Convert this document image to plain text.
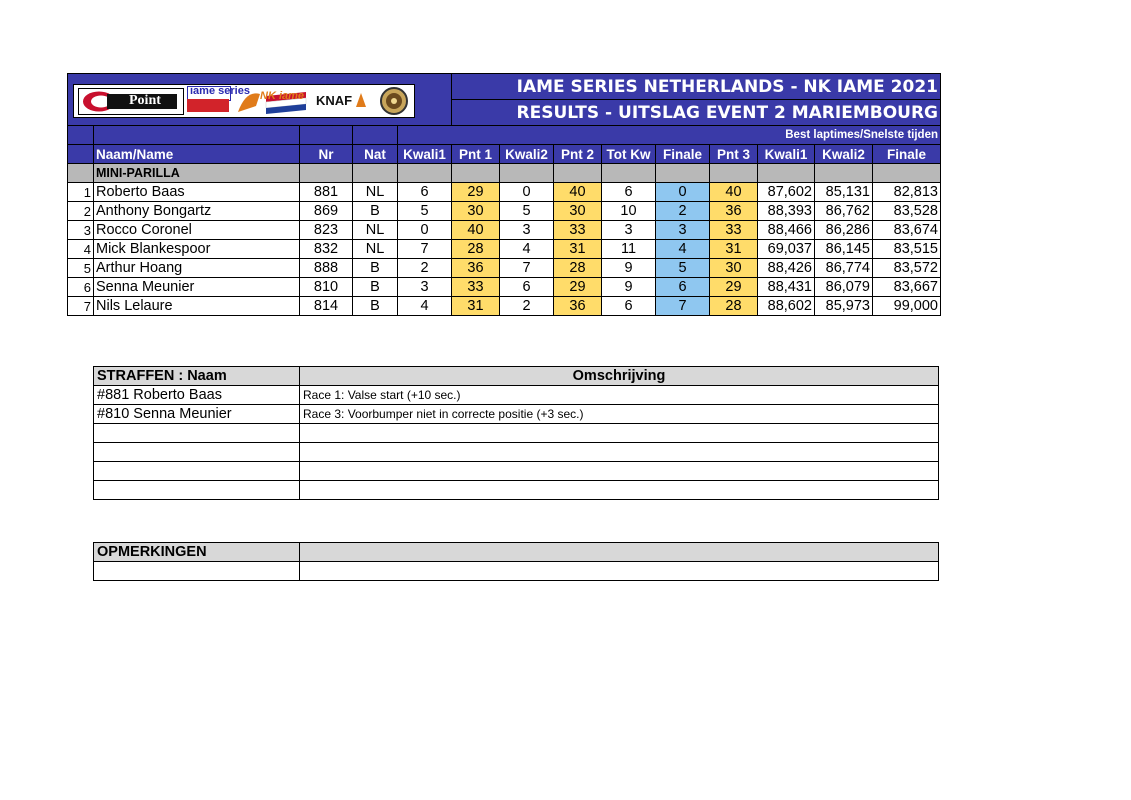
					IAME SERIES NETHERLANDS - NK IAME 2021								
					RESULTS - UITSLAG EVENT 2 MARIEMBOURG								
				Best laptimes/Snelste tijden									
	Naam/Name	Nr	Nat	Kwali1	Pnt 1	Kwali2	Pnt 2	Tot Kw	Finale	Pnt 3	Kwali1	Kwali2	Finale
	MINI-PARILLA												
1	Roberto Baas	881	NL	6	29	0	40	6	0	40	87,602	85,131	82,813
2	Anthony Bongartz	869	B	5	30	5	30	10	2	36	88,393	86,762	83,528
3	Rocco Coronel	823	NL	0	40	3	33	3	3	33	88,466	86,286	83,674
4	Mick Blankespoor	832	NL	7	28	4	31	11	4	31	69,037	86,145	83,515
5	Arthur Hoang	888	B	2	36	7	28	9	5	30	88,426	86,774	83,572
6	Senna Meunier	810	B	3	33	6	29	9	6	29	88,431	86,079	83,667
7	Nils Lelaure	814	B	4	31	2	36	6	7	28	88,602	85,973	99,000
Point
iame series NK iame KNAF
STRAFFEN : Naam	Omschrijving
#881 Roberto Baas	Race 1: Valse start (+10 sec.)
#810 Senna Meunier	Race 3: Voorbumper niet in correcte positie (+3 sec.)

OPMERKINGEN	
